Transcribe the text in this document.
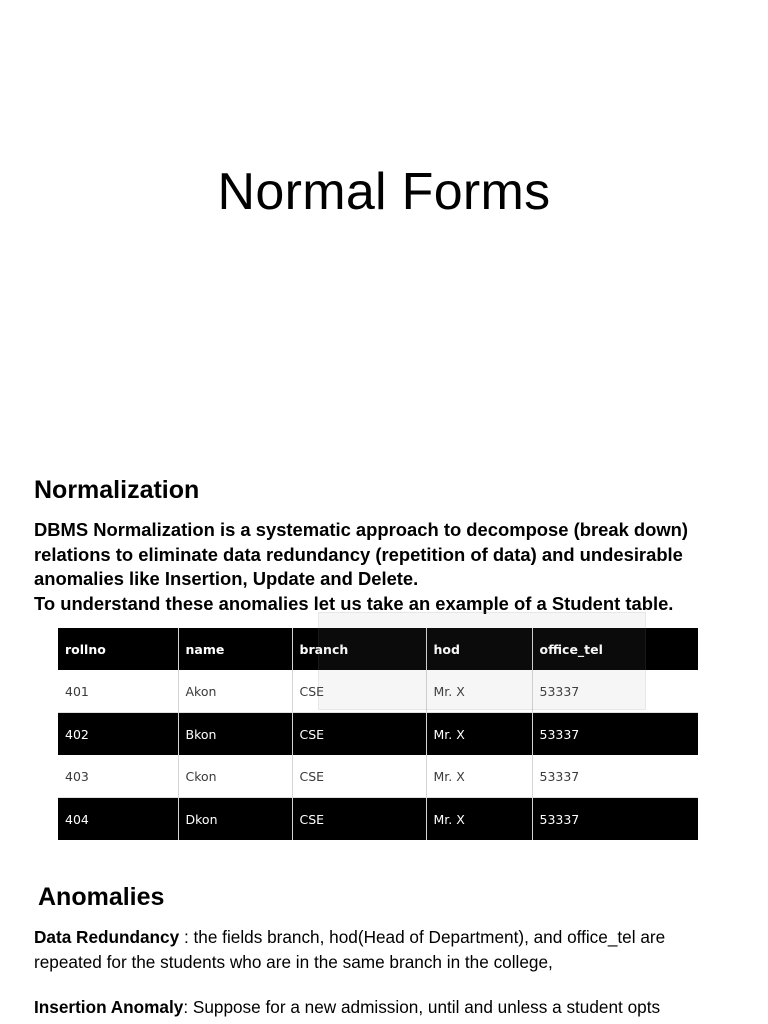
Normal Forms
Normalization

DBMS Normalization is a systematic approach to decompose (break down)
relations to eliminate data redundancy (repetition of data) and undesirable
anomalies like Insertion, Update and Delete.
To understand these anomalies let us take an example of a Student table.

rollno	name	branch	hod	office_tel
401	Akon	CSE	Mr. X	53337
402	Bkon	CSE	Mr. X	53337
403	Ckon	CSE	Mr. X	53337
404	Dkon	CSE	Mr. X	53337
Anomalies

Data Redundancy : the fields branch, hod(Head of Department), and office_tel are
repeated for the students who are in the same branch in the college,

Insertion Anomaly: Suppose for a new admission, until and unless a student opts
